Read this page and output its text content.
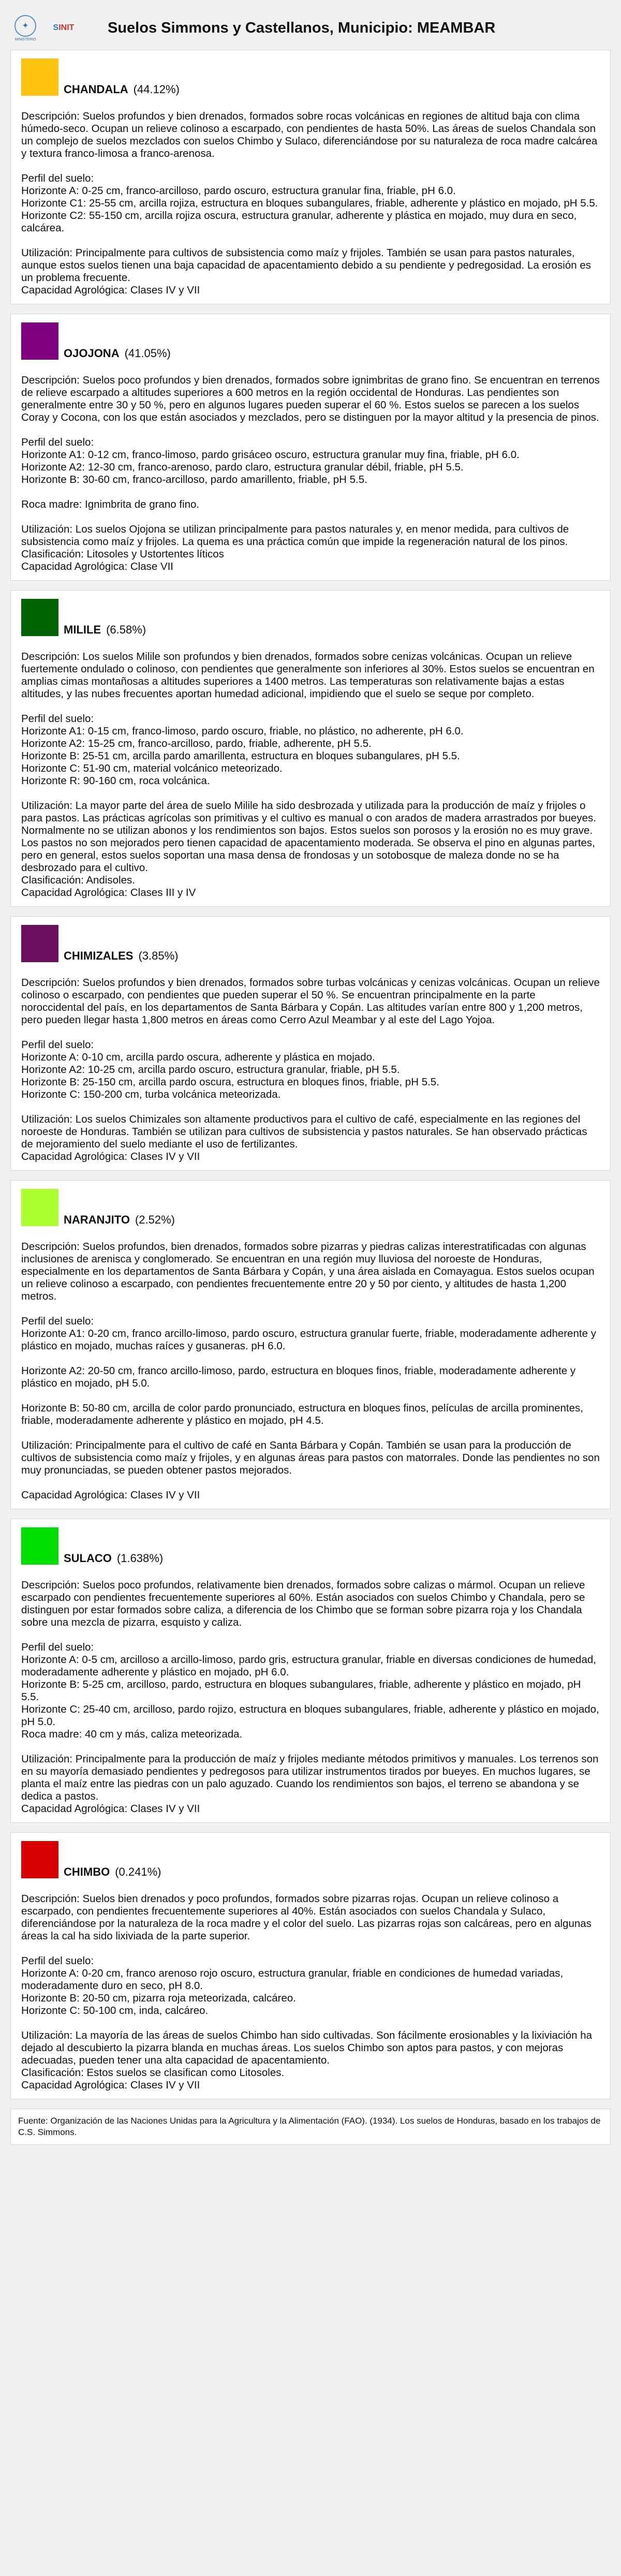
✦
MINISTERIO
S INIT Suelos Simmons y Castellanos, Municipio: MEAMBAR
CHANDALA (44.12%)
Descripción: Suelos profundos y bien drenados, formados sobre rocas volcánicas en regiones de altitud baja con clima húmedo-seco. Ocupan un relieve colinoso a escarpado, con pendientes de hasta 50%. Las áreas de suelos Chandala son un complejo de suelos mezclados con suelos Chimbo y Sulaco, diferenciándose por su naturaleza de roca madre calcárea y textura franco-limosa a franco-arenosa.
Perfil del suelo:
Horizonte A: 0-25 cm, franco-arcilloso, pardo oscuro, estructura granular fina, friable, pH 6.0.
Horizonte C1: 25-55 cm, arcilla rojiza, estructura en bloques subangulares, friable, adherente y plástico en mojado, pH 5.5.
Horizonte C2: 55-150 cm, arcilla rojiza oscura, estructura granular, adherente y plástica en mojado, muy dura en seco, calcárea.
Utilización: Principalmente para cultivos de subsistencia como maíz y frijoles. También se usan para pastos naturales, aunque estos suelos tienen una baja capacidad de apacentamiento debido a su pendiente y pedregosidad. La erosión es un problema frecuente.
Capacidad Agrológica: Clases IV y VII
OJOJONA (41.05%)
Descripción: Suelos poco profundos y bien drenados, formados sobre ignimbritas de grano fino. Se encuentran en terrenos de relieve escarpado a altitudes superiores a 600 metros en la región occidental de Honduras. Las pendientes son generalmente entre 30 y 50 %, pero en algunos lugares pueden superar el 60 %. Estos suelos se parecen a los suelos Coray y Cocona, con los que están asociados y mezclados, pero se distinguen por la mayor altitud y la presencia de pinos.
Perfil del suelo:
Horizonte A1: 0-12 cm, franco-limoso, pardo grisáceo oscuro, estructura granular muy fina, friable, pH 6.0.
Horizonte A2: 12-30 cm, franco-arenoso, pardo claro, estructura granular débil, friable, pH 5.5.
Horizonte B: 30-60 cm, franco-arcilloso, pardo amarillento, friable, pH 5.5.
Roca madre: Ignimbrita de grano fino.
Utilización: Los suelos Ojojona se utilizan principalmente para pastos naturales y, en menor medida, para cultivos de subsistencia como maíz y frijoles. La quema es una práctica común que impide la regeneración natural de los pinos.
Clasificación: Litosoles y Ustortentes líticos
Capacidad Agrológica: Clase VII
MILILE (6.58%)
Descripción: Los suelos Milile son profundos y bien drenados, formados sobre cenizas volcánicas. Ocupan un relieve fuertemente ondulado o colinoso, con pendientes que generalmente son inferiores al 30%. Estos suelos se encuentran en amplias cimas montañosas a altitudes superiores a 1400 metros. Las temperaturas son relativamente bajas a estas altitudes, y las nubes frecuentes aportan humedad adicional, impidiendo que el suelo se seque por completo.
Perfil del suelo:
Horizonte A1: 0-15 cm, franco-limoso, pardo oscuro, friable, no plástico, no adherente, pH 6.0.
Horizonte A2: 15-25 cm, franco-arcilloso, pardo, friable, adherente, pH 5.5.
Horizonte B: 25-51 cm, arcilla pardo amarillenta, estructura en bloques subangulares, pH 5.5.
Horizonte C: 51-90 cm, material volcánico meteorizado.
Horizonte R: 90-160 cm, roca volcánica.
Utilización: La mayor parte del área de suelo Milile ha sido desbrozada y utilizada para la producción de maíz y frijoles o para pastos. Las prácticas agrícolas son primitivas y el cultivo es manual o con arados de madera arrastrados por bueyes. Normalmente no se utilizan abonos y los rendimientos son bajos. Estos suelos son porosos y la erosión no es muy grave. Los pastos no son mejorados pero tienen capacidad de apacentamiento moderada. Se observa el pino en algunas partes, pero en general, estos suelos soportan una masa densa de frondosas y un sotobosque de maleza donde no se ha desbrozado para el cultivo.
Clasificación: Andisoles.
Capacidad Agrológica: Clases III y IV
CHIMIZALES (3.85%)
Descripción: Suelos profundos y bien drenados, formados sobre turbas volcánicas y cenizas volcánicas. Ocupan un relieve colinoso o escarpado, con pendientes que pueden superar el 50 %. Se encuentran principalmente en la parte noroccidental del país, en los departamentos de Santa Bárbara y Copán. Las altitudes varían entre 800 y 1,200 metros, pero pueden llegar hasta 1,800 metros en áreas como Cerro Azul Meambar y al este del Lago Yojoa.
Perfil del suelo:
Horizonte A: 0-10 cm, arcilla pardo oscura, adherente y plástica en mojado.
Horizonte A2: 10-25 cm, arcilla pardo oscuro, estructura granular, friable, pH 5.5.
Horizonte B: 25-150 cm, arcilla pardo oscura, estructura en bloques finos, friable, pH 5.5.
Horizonte C: 150-200 cm, turba volcánica meteorizada.
Utilización: Los suelos Chimizales son altamente productivos para el cultivo de café, especialmente en las regiones del noroeste de Honduras. También se utilizan para cultivos de subsistencia y pastos naturales. Se han observado prácticas de mejoramiento del suelo mediante el uso de fertilizantes.
Capacidad Agrológica: Clases IV y VII
NARANJITO (2.52%)
Descripción: Suelos profundos, bien drenados, formados sobre pizarras y piedras calizas interestratificadas con algunas inclusiones de arenisca y conglomerado. Se encuentran en una región muy lluviosa del noroeste de Honduras, especialmente en los departamentos de Santa Bárbara y Copán, y una área aislada en Comayagua. Estos suelos ocupan un relieve colinoso a escarpado, con pendientes frecuentemente entre 20 y 50 por ciento, y altitudes de hasta 1,200 metros.
Perfil del suelo:
Horizonte A1: 0-20 cm, franco arcillo-limoso, pardo oscuro, estructura granular fuerte, friable, moderadamente adherente y plástico en mojado, muchas raíces y gusaneras. pH 6.0.
Horizonte A2: 20-50 cm, franco arcillo-limoso, pardo, estructura en bloques finos, friable, moderadamente adherente y plástico en mojado, pH 5.0.
Horizonte B: 50-80 cm, arcilla de color pardo pronunciado, estructura en bloques finos, películas de arcilla prominentes, friable, moderadamente adherente y plástico en mojado, pH 4.5.
Utilización: Principalmente para el cultivo de café en Santa Bárbara y Copán. También se usan para la producción de cultivos de subsistencia como maíz y frijoles, y en algunas áreas para pastos con matorrales. Donde las pendientes no son muy pronunciadas, se pueden obtener pastos mejorados.
Capacidad Agrológica: Clases IV y VII
SULACO (1.638%)
Descripción: Suelos poco profundos, relativamente bien drenados, formados sobre calizas o mármol. Ocupan un relieve escarpado con pendientes frecuentemente superiores al 60%. Están asociados con suelos Chimbo y Chandala, pero se distinguen por estar formados sobre caliza, a diferencia de los Chimbo que se forman sobre pizarra roja y los Chandala sobre una mezcla de pizarra, esquisto y caliza.
Perfil del suelo:
Horizonte A: 0-5 cm, arcilloso a arcillo-limoso, pardo gris, estructura granular, friable en diversas condiciones de humedad, moderadamente adherente y plástico en mojado, pH 6.0.
Horizonte B: 5-25 cm, arcilloso, pardo, estructura en bloques subangulares, friable, adherente y plástico en mojado, pH 5.5.
Horizonte C: 25-40 cm, arcilloso, pardo rojizo, estructura en bloques subangulares, friable, adherente y plástico en mojado, pH 5.0.
Roca madre: 40 cm y más, caliza meteorizada.
Utilización: Principalmente para la producción de maíz y frijoles mediante métodos primitivos y manuales. Los terrenos son en su mayoría demasiado pendientes y pedregosos para utilizar instrumentos tirados por bueyes. En muchos lugares, se planta el maíz entre las piedras con un palo aguzado. Cuando los rendimientos son bajos, el terreno se abandona y se dedica a pastos.
Capacidad Agrológica: Clases IV y VII
CHIMBO (0.241%)
Descripción: Suelos bien drenados y poco profundos, formados sobre pizarras rojas. Ocupan un relieve colinoso a escarpado, con pendientes frecuentemente superiores al 40%. Están asociados con suelos Chandala y Sulaco, diferenciándose por la naturaleza de la roca madre y el color del suelo. Las pizarras rojas son calcáreas, pero en algunas áreas la cal ha sido lixiviada de la parte superior.
Perfil del suelo:
Horizonte A: 0-20 cm, franco arenoso rojo oscuro, estructura granular, friable en condiciones de humedad variadas, moderadamente duro en seco, pH 8.0.
Horizonte B: 20-50 cm, pizarra roja meteorizada, calcáreo.
Horizonte C: 50-100 cm, inda, calcáreo.
Utilización: La mayoría de las áreas de suelos Chimbo han sido cultivadas. Son fácilmente erosionables y la lixiviación ha dejado al descubierto la pizarra blanda en muchas áreas. Los suelos Chimbo son aptos para pastos, y con mejoras adecuadas, pueden tener una alta capacidad de apacentamiento.
Clasificación: Estos suelos se clasifican como Litosoles.
Capacidad Agrológica: Clases IV y VII
Fuente: Organización de las Naciones Unidas para la Agricultura y la Alimentación (FAO). (1934). Los suelos de Honduras, basado en los trabajos de C.S. Simmons.
